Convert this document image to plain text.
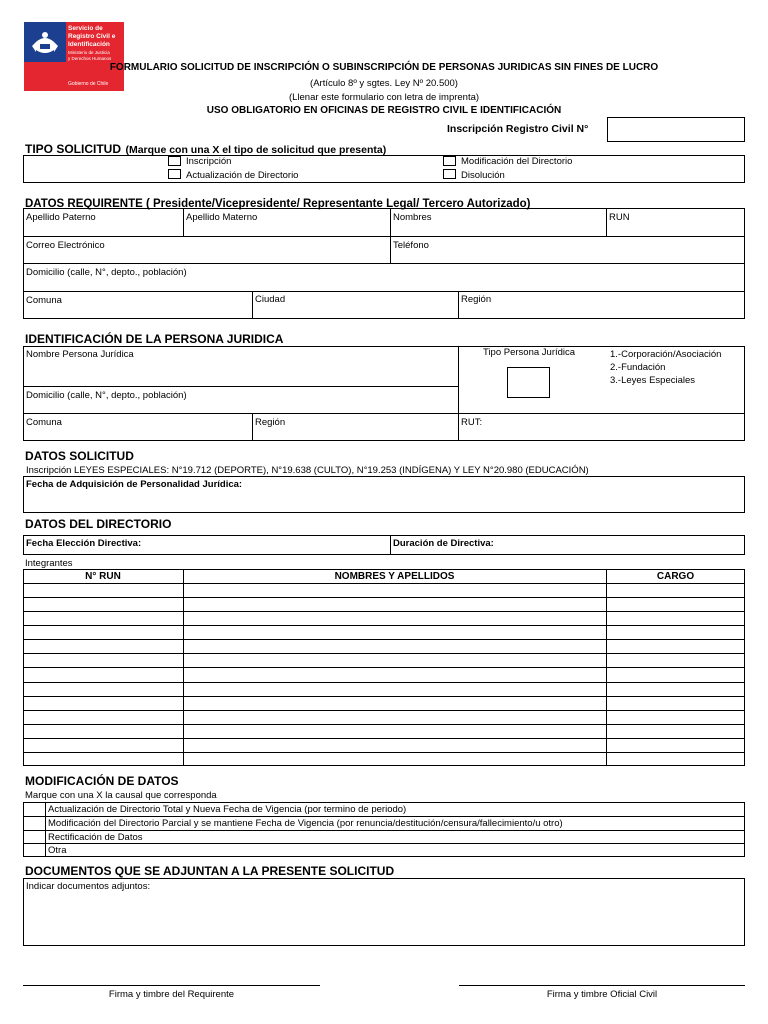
Servicio de
Registro Civil e
Identificación
Ministerio de Justicia
y Derechos Humanos
Gobierno de Chile
FORMULARIO SOLICITUD DE INSCRIPCIÓN O SUBINSCRIPCIÓN DE PERSONAS JURIDICAS SIN FINES DE LUCRO
(Artículo 8º y sgtes. Ley Nº 20.500)
(Llenar este formulario con letra de imprenta)
USO OBLIGATORIO EN OFICINAS DE REGISTRO CIVIL E IDENTIFICACIÓN
Inscripción Registro Civil N°
TIPO SOLICITUD (Marque con una X el tipo de solicitud que presenta)
Inscripción
Actualización de Directorio
Modificación del Directorio
Disolución
DATOS REQUIRENTE ( Presidente/Vicepresidente/ Representante Legal/ Tercero Autorizado)
Apellido Paterno	Apellido Materno	Nombres	RUN
Correo Electrónico	Teléfono
Domicilio (calle, N°, depto., población)
Comuna	Ciudad	Región
IDENTIFICACIÓN DE LA PERSONA JURIDICA
Nombre Persona Jurídica	Tipo Persona Jurídica	1.-Corporación/Asociación
2.-Fundación
3.-Leyes Especiales
Domicilio (calle, N°, depto., población)
Comuna	Región	RUT:
DATOS SOLICITUD
Inscripción LEYES ESPECIALES: N°19.712 (DEPORTE), N°19.638 (CULTO), N°19.253 (INDÍGENA) Y LEY N°20.980 (EDUCACIÓN)
Fecha de Adquisición de Personalidad Jurídica:
DATOS DEL DIRECTORIO
Fecha Elección Directiva:	Duración de Directiva:
Integrantes
N° RUN	NOMBRES Y APELLIDOS	CARGO
MODIFICACIÓN DE DATOS
Marque con una X la causal que corresponda
Actualización de Directorio Total y Nueva Fecha de Vigencia (por termino de periodo)
Modificación del Directorio Parcial y se mantiene Fecha de Vigencia (por renuncia/destitución/censura/fallecimiento/u otro)
Rectificación de Datos
Otra
DOCUMENTOS QUE SE ADJUNTAN A LA PRESENTE SOLICITUD
Indicar documentos adjuntos:
Firma y timbre del Requirente	Firma y timbre Oficial Civil
